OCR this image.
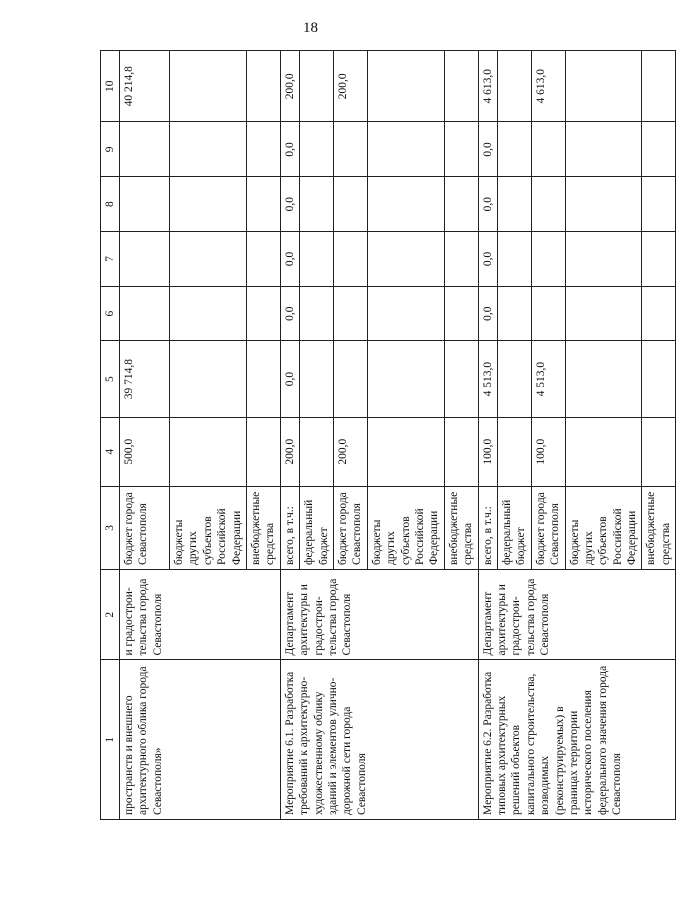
18
1	2	3	4	5	6	7	8	9	10
пространств и внешнего архитектурного облика города Севастополя»	и градострои-тельства города Севастополя	бюджет города Севастополя	500,0	39 714,8					40 214,8
		бюджеты других субъектов Российской Федерации							
		внебюджетные средства							
Мероприятие 6.1. Разработка требований к архитектурно-художественному облику зданий и элементов улично-дорожной сети города Севастополя	Департамент архитектуры и градострои-тельства города Севастополя	всего, в т.ч.:	200,0	0,0	0,0	0,0	0,0	0,0	200,0
		федеральный бюджет							
		бюджет города Севастополя	200,0						200,0
		бюджеты других субъектов Российской Федерации							
		внебюджетные средства							
Мероприятие 6.2. Разработка типовых архитектурных решений объектов капитального строительства, возводимых (реконструируемых) в границах территории исторического поселения федерального значения города Севастополя	Департамент архитектуры и градострои-тельства города Севастополя	всего, в т.ч.:	100,0	4 513,0	0,0	0,0	0,0	0,0	4 613,0
		федеральный бюджет							
		бюджет города Севастополя	100,0	4 513,0					4 613,0
		бюджеты других субъектов Российской Федерации							
		внебюджетные средства							
